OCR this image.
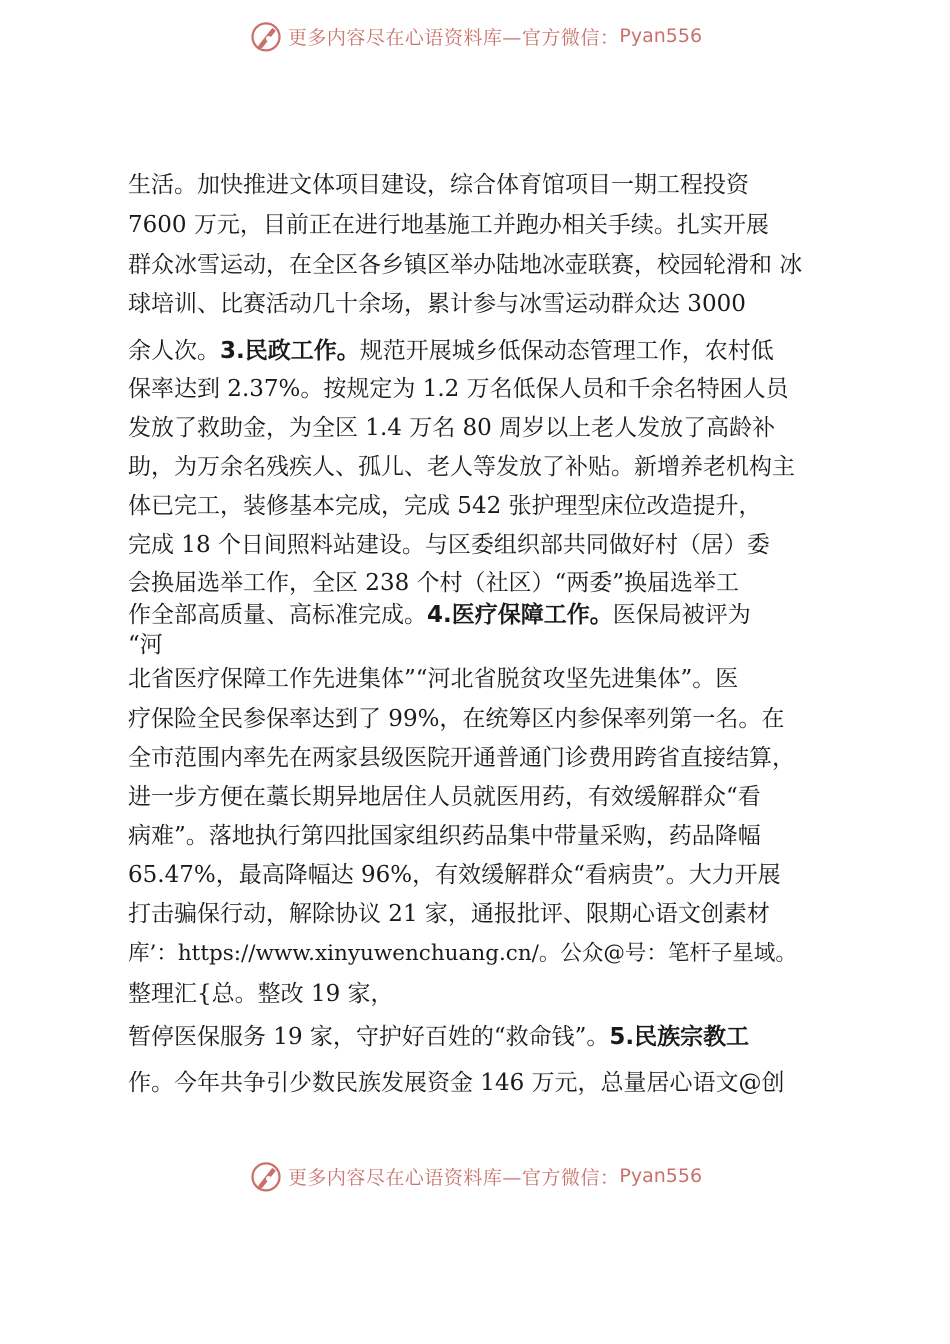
更多内容尽在心语资料库—官方微信： Pyan556
生活。加快推进文体项目建设，综合体育馆项目一期工程投资
7600 万元，目前正在进行地基施工并跑办相关手续。扎实开展
群众冰雪运动，在全区各乡镇区举办陆地冰壶联赛，校园轮滑和 冰
球培训、比赛活动几十余场，累计参与冰雪运动群众达 3000
余人次。3.民政工作。规范开展城乡低保动态管理工作，农村低
保率达到 2.37%。按规定为 1.2 万名低保人员和千余名特困人员
发放了救助金，为全区 1.4 万名 80 周岁以上老人发放了高龄补
助，为万余名残疾人、孤儿、老人等发放了补贴。新增养老机构主
体已完工，装修基本完成，完成 542 张护理型床位改造提升，
完成 18 个日间照料站建设。与区委组织部共同做好村（居）委
会换届选举工作，全区 238 个村（社区）“两委”换届选举工
作全部高质量、高标准完成。4.医疗保障工作。医保局被评为
“河
北省医疗保障工作先进集体”“河北省脱贫攻坚先进集体”。医
疗保险全民参保率达到了 99%，在统筹区内参保率列第一名。在
全市范围内率先在两家县级医院开通普通门诊费用跨省直接结算，
进一步方便在藁长期异地居住人员就医用药，有效缓解群众“看
病难”。落地执行第四批国家组织药品集中带量采购，药品降幅
65.47%，最高降幅达 96%，有效缓解群众“看病贵”。大力开展
打击骗保行动，解除协议 21 家，通报批评、限期心语文创素材
库’：https://www.xinyuwenchuang.cn/。公众@号：笔杆子星域。
整理汇{总。整改 19 家，
暂停医保服务 19 家，守护好百姓的“救命钱”。5.民族宗教工
作。今年共争引少数民族发展资金 146 万元，总量居心语文@创
更多内容尽在心语资料库—官方微信： Pyan556
